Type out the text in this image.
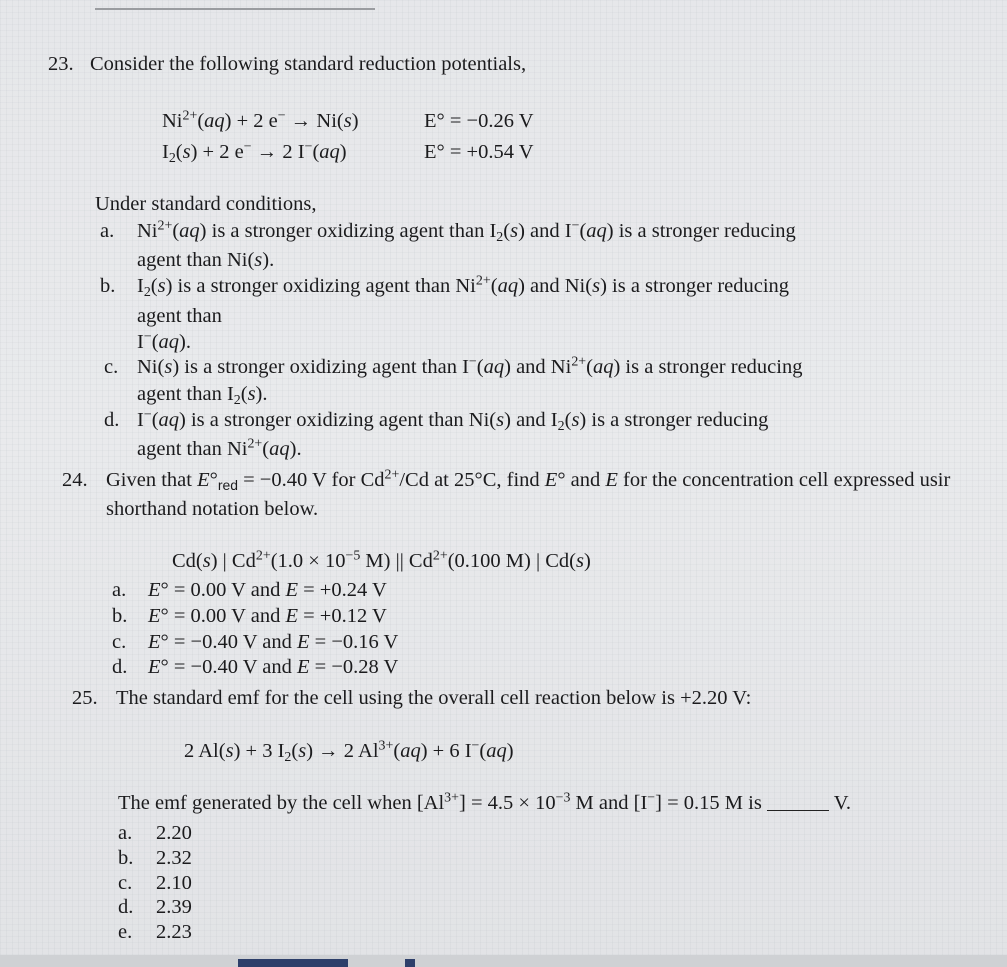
23. Consider the following standard reduction potentials,
$Ni^{2+}(aq) + 2$ e− → Ni(s)	E° = −0.26 V
$I_2(s) + 2$ e− → 2 I−(aq)	E° = +0.54 V
Under standard conditions,
a. $Ni^{2+}(aq)$ is a stronger oxidizing agent than $I_2(s)$ and I−(aq) is a stronger reducing
agent than Ni(s).
b. $I_2(s)$ is a stronger oxidizing agent than $Ni^{2+}(aq)$ and Ni(s) is a stronger reducing
agent than
I−(aq).
c. Ni(s) is a stronger oxidizing agent than I−(aq) and $Ni^{2+}(aq)$ is a stronger reducing
agent than $I_2(s)$.
d. I−(aq) is a stronger oxidizing agent than Ni(s) and $I_2(s)$ is a stronger reducing
agent than $Ni^{2+}(aq)$.
24. Given that $E^\circ_{red} = -0.40$ V for $Cd^{2+}/Cd$ at 25°C, find E° and E for the concentration cell expressed usir
shorthand notation below.
Cd(s) | $Cd^{2+}(1.0 \times 10^{-5}$ M) || $Cd^{2+}(0.100$ M) | Cd(s)
a. E° = 0.00 V and E = +0.24 V
b. E° = 0.00 V and E = +0.12 V
c. E° = −0.40 V and E = −0.16 V
d. E° = −0.40 V and E = −0.28 V
25. The standard emf for the cell using the overall cell reaction below is +2.20 V:
2 Al(s) + 3 $I_2(s) \to 2$ $Al^{3+}(aq) + 6$ I−(aq)
The emf generated by the cell when $[Al^{3+}] = 4.5 \times 10^{-3}$ M and [I−] = 0.15 M is	V.
a. 2.20
b. 2.32
c. 2.10
d. 2.39
e. 2.23
